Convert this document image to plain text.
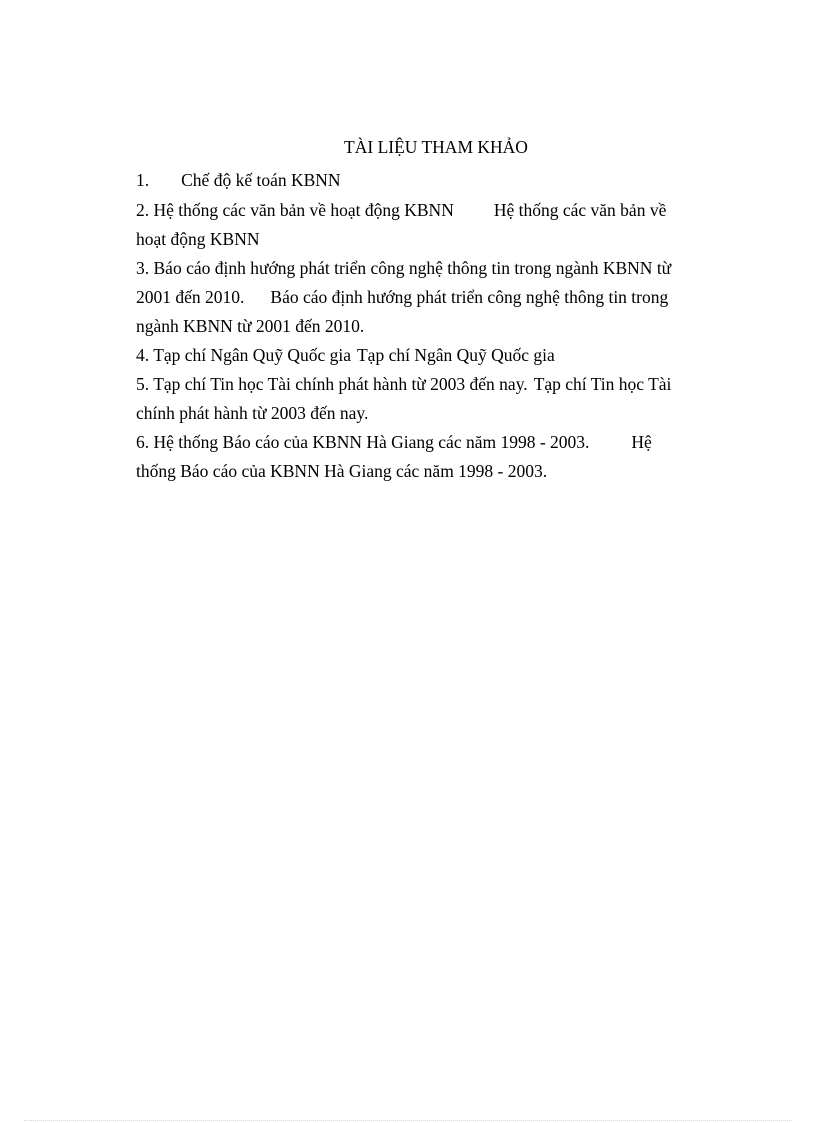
TÀI LIỆU THAM KHẢO
1. Chế độ kế toán KBNN
2. Hệ thống các văn bản về hoạt động KBNN Hệ thống các văn bản về
hoạt động KBNN
3. Báo cáo định hướng phát triển công nghệ thông tin trong ngành KBNN từ
2001 đến 2010. Báo cáo định hướng phát triển công nghệ thông tin trong
ngành KBNN từ 2001 đến 2010.
4. Tạp chí Ngân Quỹ Quốc gia Tạp chí Ngân Quỹ Quốc gia
5. Tạp chí Tin học Tài chính phát hành từ 2003 đến nay. Tạp chí Tin học Tài
chính phát hành từ 2003 đến nay.
6. Hệ thống Báo cáo của KBNN Hà Giang các năm 1998 - 2003. Hệ
thống Báo cáo của KBNN Hà Giang các năm 1998 - 2003.
